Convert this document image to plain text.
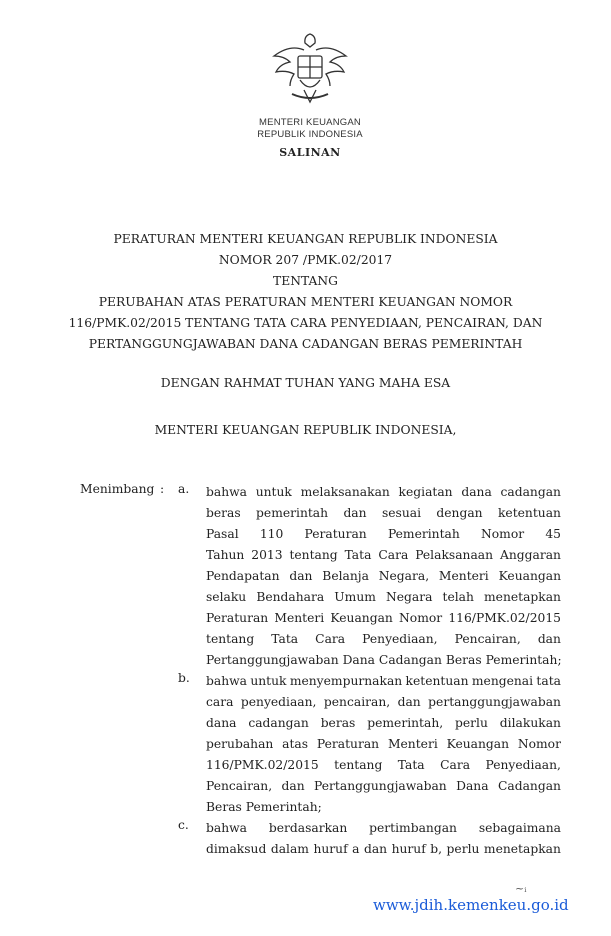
MENTERI KEUANGAN
REPUBLIK INDONESIA
SALINAN
PERATURAN MENTERI KEUANGAN REPUBLIK INDONESIA
NOMOR 207 /PMK.02/2017
TENTANG
PERUBAHAN ATAS PERATURAN MENTERI KEUANGAN NOMOR
116/PMK.02/2015 TENTANG TATA CARA PENYEDIAAN, PENCAIRAN, DAN
PERTANGGUNGJAWABAN DANA CADANGAN BERAS PEMERINTAH
DENGAN RAHMAT TUHAN YANG MAHA ESA
MENTERI KEUANGAN REPUBLIK INDONESIA,
Menimbang : a.
b.
c.
bahwa untuk melaksanakan kegiatan dana cadangan
beras pemerintah dan sesuai dengan ketentuan
Pasal 110 Peraturan Pemerintah Nomor 45
Tahun 2013 tentang Tata Cara Pelaksanaan Anggaran
Pendapatan dan Belanja Negara, Menteri Keuangan
selaku Bendahara Umum Negara telah menetapkan
Peraturan Menteri Keuangan Nomor 116/PMK.02/2015
tentang Tata Cara Penyediaan, Pencairan, dan
Pertanggungjawaban Dana Cadangan Beras Pemerintah;
bahwa untuk menyempurnakan ketentuan mengenai tata
cara penyediaan, pencairan, dan pertanggungjawaban
dana cadangan beras pemerintah, perlu dilakukan
perubahan atas Peraturan Menteri Keuangan Nomor
116/PMK.02/2015 tentang Tata Cara Penyediaan,
Pencairan, dan Pertanggungjawaban Dana Cadangan
Beras Pemerintah;
bahwa berdasarkan pertimbangan sebagaimana
dimaksud dalam huruf a dan huruf b, perlu menetapkan
~ᵢ
www.jdih.kemenkeu.go.id
